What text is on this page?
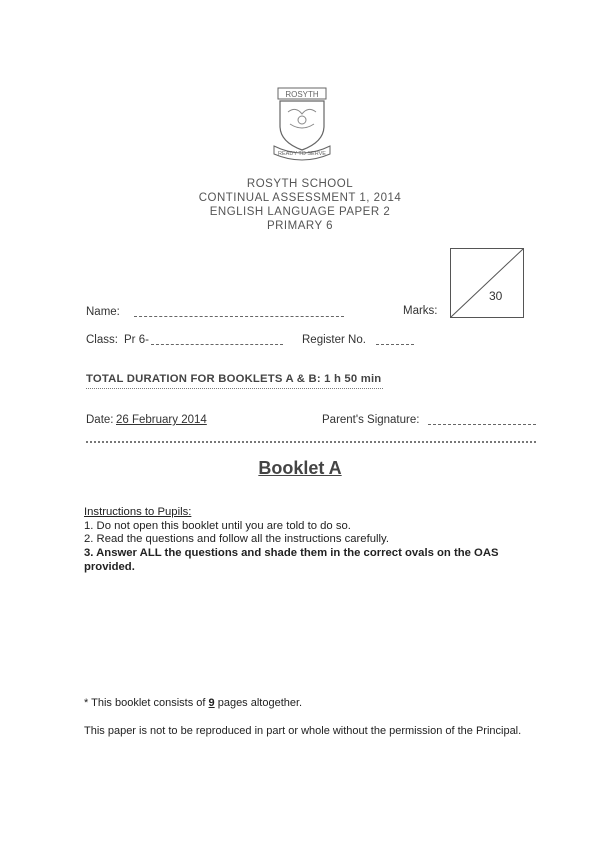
ROSYTH
READY TO SERVE
ROSYTH SCHOOL
CONTINUAL ASSESSMENT 1, 2014
ENGLISH LANGUAGE PAPER 2
PRIMARY 6
Marks:
30
Name:
Class: Pr 6-	Register No.
TOTAL DURATION FOR BOOKLETS A & B: 1 h 50 min
Date: 26 February 2014	Parent's Signature:
Booklet A
Instructions to Pupils:
1. Do not open this booklet until you are told to do so.
2. Read the questions and follow all the instructions carefully.
3. Answer ALL the questions and shade them in the correct ovals on the OAS provided.
* This booklet consists of 9 pages altogether.
This paper is not to be reproduced in part or whole without the permission of the Principal.
